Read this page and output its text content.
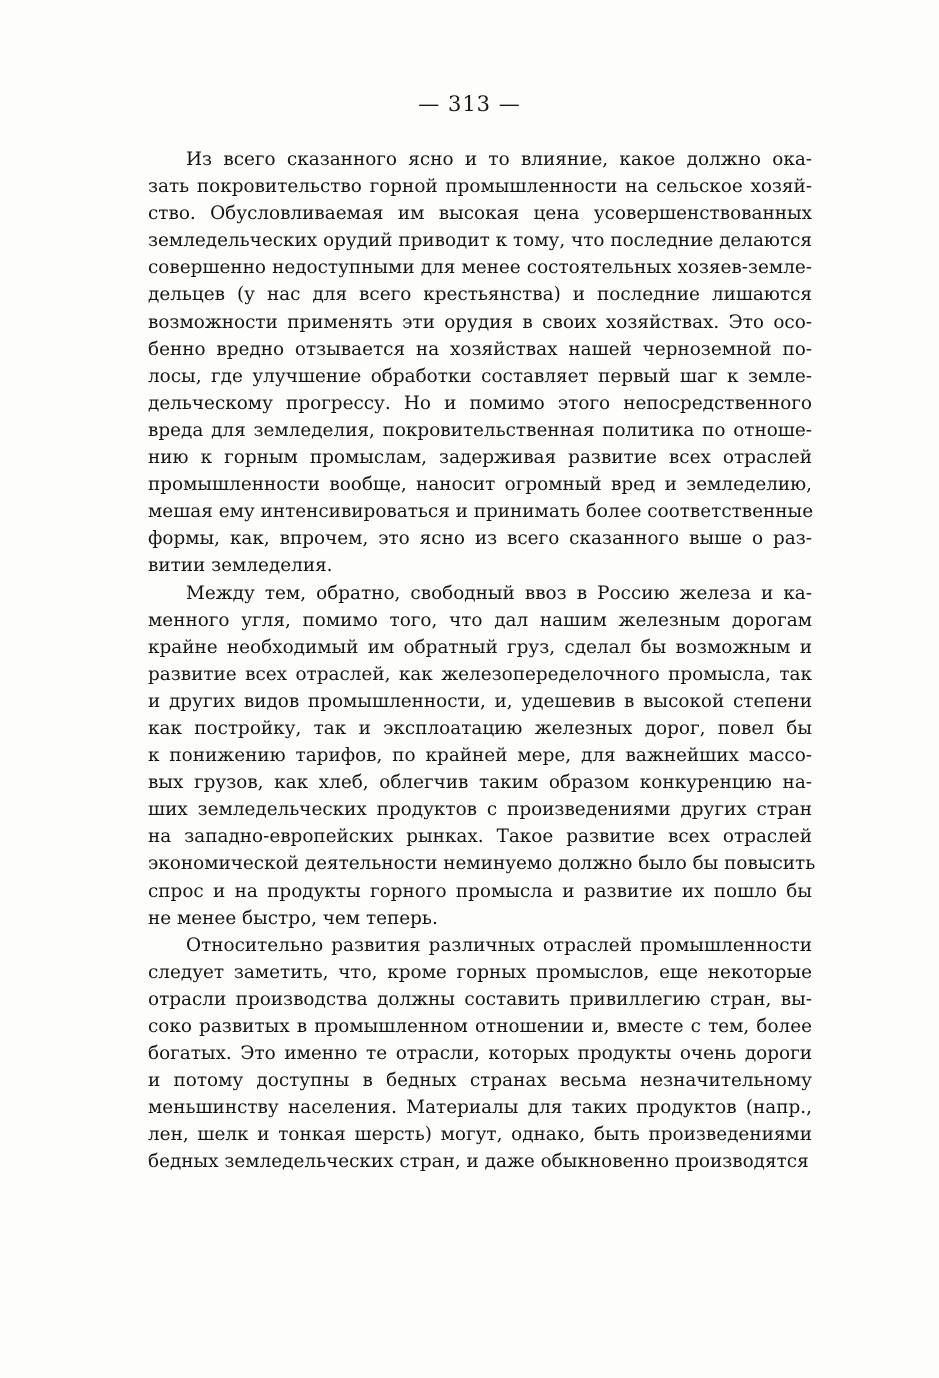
— 313 —
Из всего сказанного ясно и то влияние, какое должно ока-
зать покровительство горной промышленности на сельское хозяй-
ство. Обусловливаемая им высокая цена усовершенствованных
земледельческих орудий приводит к тому, что последние делаются
совершенно недоступными для менее состоятельных хозяев-земле-
дельцев (у нас для всего крестьянства) и последние лишаются
возможности применять эти орудия в своих хозяйствах. Это осо-
бенно вредно отзывается на хозяйствах нашей черноземной по-
лосы, где улучшение обработки составляет первый шаг к земле-
дельческому прогрессу. Но и помимо этого непосредственного
вреда для земледелия, покровительственная политика по отноше-
нию к горным промыслам, задерживая развитие всех отраслей
промышленности вообще, наносит огромный вред и земледелию,
мешая ему интенсивироваться и принимать более соответственные
формы, как, впрочем, это ясно из всего сказанного выше о раз-
витии земледелия.
Между тем, обратно, свободный ввоз в Россию железа и ка-
менного угля, помимо того, что дал нашим железным дорогам
крайне необходимый им обратный груз, сделал бы возможным и
развитие всех отраслей, как железопеределочного промысла, так
и других видов промышленности, и, удешевив в высокой степени
как постройку, так и эксплоатацию железных дорог, повел бы
к понижению тарифов, по крайней мере, для важнейших массо-
вых грузов, как хлеб, облегчив таким образом конкуренцию на-
ших земледельческих продуктов с произведениями других стран
на западно-европейских рынках. Такое развитие всех отраслей
экономической деятельности неминуемо должно было бы повысить
спрос и на продукты горного промысла и развитие их пошло бы
не менее быстро, чем теперь.
Относительно развития различных отраслей промышленности
следует заметить, что, кроме горных промыслов, еще некоторые
отрасли производства должны составить привиллегию стран, вы-
соко развитых в промышленном отношении и, вместе с тем, более
богатых. Это именно те отрасли, которых продукты очень дороги
и потому доступны в бедных странах весьма незначительному
меньшинству населения. Материалы для таких продуктов (напр.,
лен, шелк и тонкая шерсть) могут, однако, быть произведениями
бедных земледельческих стран, и даже обыкновенно производятся
